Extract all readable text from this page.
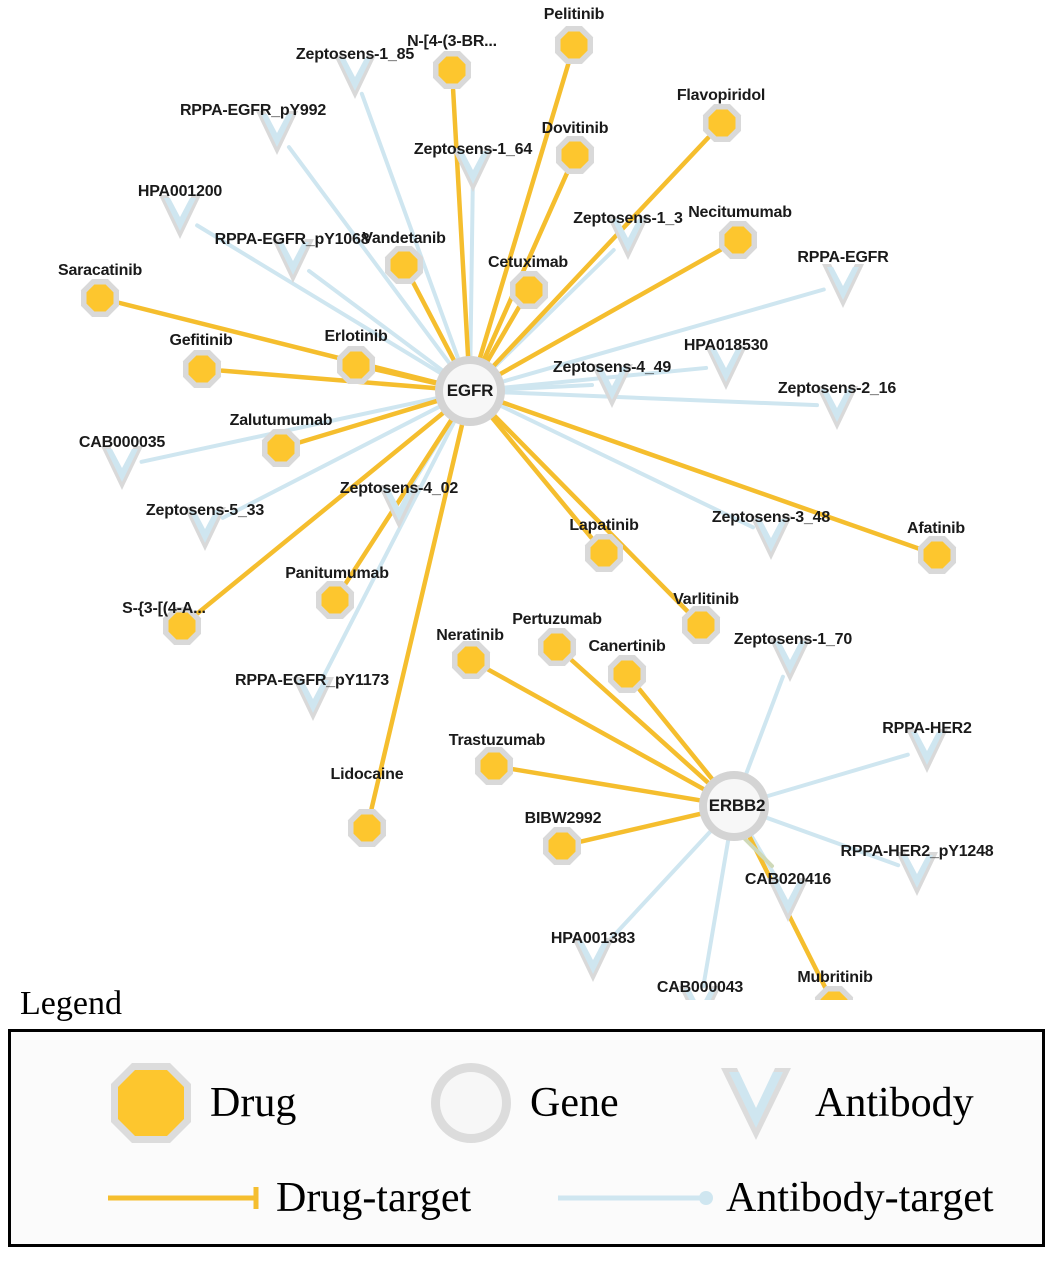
Pelitinib
N-[4-(3-BR...
Flavopiridol
Dovitinib
Vandetanib
Necitumumab
Cetuximab
Saracatinib
Gefitinib	Erlotinib
Zalutumumab
Afatinib
Lapatinib
Varlitinib
Panitumumab
S-{3-[(4-A...
Pertuzumab
Canertinib
Neratinib
Trastuzumab
Lidocaine
BIBW2992
Mubritinib
Zeptosens-1_85
RPPA-EGFR_pY992
Zeptosens-1_64
HPA001200
Zeptosens-1_3
RPPA-EGFR_pY1068
RPPA-EGFR
HPA018530
Zeptosens-4_49
Zeptosens-2_16
CAB000035
Zeptosens-4_02
Zeptosens-5_33	Zeptosens-3_48
Zeptosens-1_70
RPPA-EGFR_pY1173
RPPA-HER2
RPPA-HER2_pY1248
CAB020416
HPA001383
CAB000043
EGFR
ERBB2
Legend
Drug	Gene	Antibody
Drug-target	Antibody-target
